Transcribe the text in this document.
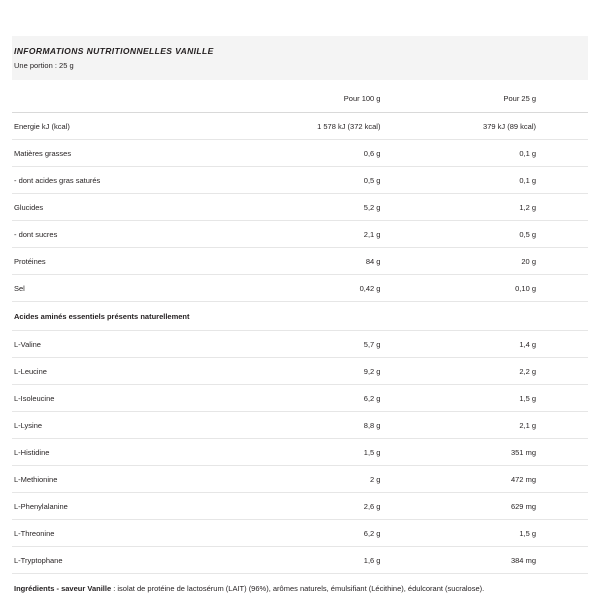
INFORMATIONS NUTRITIONNELLES VANILLE

Une portion : 25 g

	Pour 100 g	Pour 25 g
Energie kJ (kcal)	1 578 kJ (372 kcal)	379 kJ (89 kcal)
Matières grasses	0,6 g	0,1 g
- dont acides gras saturés	0,5 g	0,1 g
Glucides	5,2 g	1,2 g
- dont sucres	2,1 g	0,5 g
Protéines	84 g	20 g
Sel	0,42 g	0,10 g
Acides aminés essentiels présents naturellement		
L-Valine	5,7 g	1,4 g
L-Leucine	9,2 g	2,2 g
L-Isoleucine	6,2 g	1,5 g
L-Lysine	8,8 g	2,1 g
L-Histidine	1,5 g	351 mg
L-Methionine	2 g	472 mg
L-Phenylalanine	2,6 g	629 mg
L-Threonine	6,2 g	1,5 g
L-Tryptophane	1,6 g	384 mg
Ingrédients - saveur Vanille : isolat de protéine de lactosérum (LAIT) (96%), arômes naturels, émulsifiant (Lécithine), édulcorant (sucralose).
